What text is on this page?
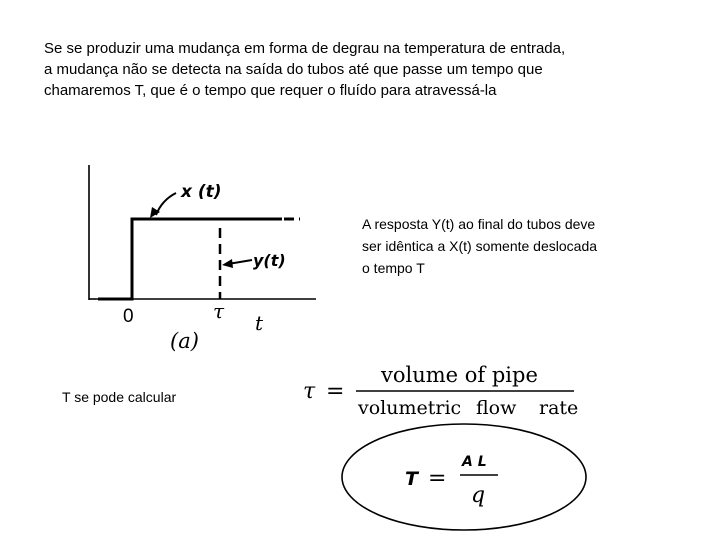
Se se produzir uma mudança em forma de degrau na temperatura de entrada,
a mudança não se detecta na saída do tubos até que passe um tempo que
chamaremos T, que é o tempo que requer o fluído para atravessá-la
x (t)
y(t)
0	τ t
(a)
τ =
volume of pipe
volumetric flow rate
T =
A L
q
A resposta Y(t) ao final do tubos deve
ser idêntica a X(t) somente deslocada
o tempo T
T se pode calcular
